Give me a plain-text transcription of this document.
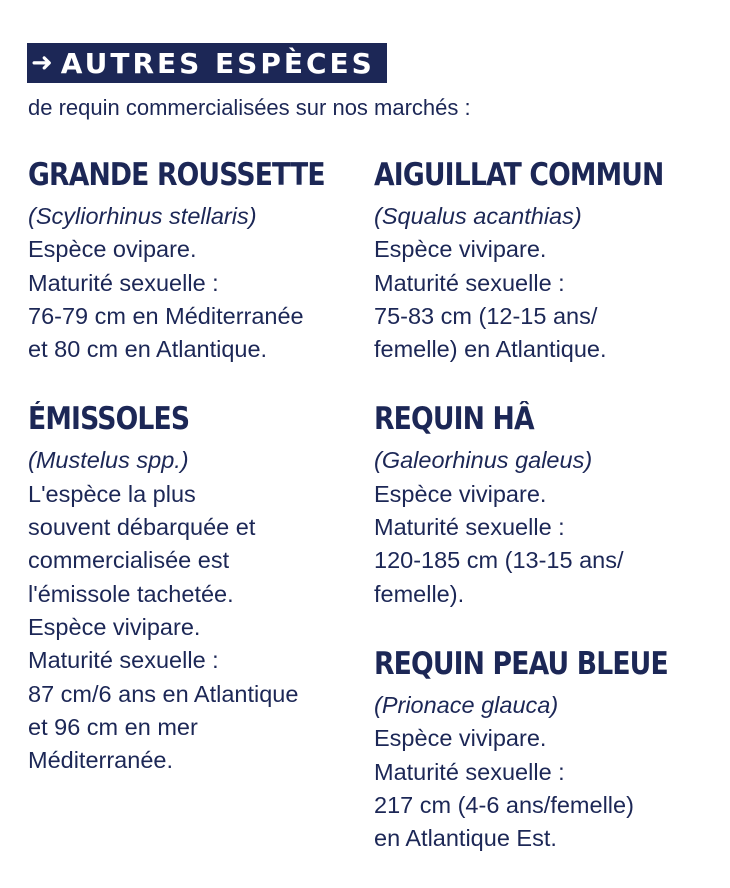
➜ AUTRES ESPÈCES
de requin commercialisées sur nos marchés :
GRANDE ROUSSETTE
(Scyliorhinus stellaris)
Espèce ovipare.
Maturité sexuelle :
76-79 cm en Méditerranée
et 80 cm en Atlantique.
ÉMISSOLES
(Mustelus spp.)
L'espèce la plus
souvent débarquée et
commercialisée est
l'émissole tachetée.
Espèce vivipare.
Maturité sexuelle :
87 cm/6 ans en Atlantique
et 96 cm en mer
Méditerranée.
AIGUILLAT COMMUN
(Squalus acanthias)
Espèce vivipare.
Maturité sexuelle :
75-83 cm (12-15 ans/
femelle) en Atlantique.
REQUIN HÂ
(Galeorhinus galeus)
Espèce vivipare.
Maturité sexuelle :
120-185 cm (13-15 ans/
femelle).
REQUIN PEAU BLEUE
(Prionace glauca)
Espèce vivipare.
Maturité sexuelle :
217 cm (4-6 ans/femelle)
en Atlantique Est.
